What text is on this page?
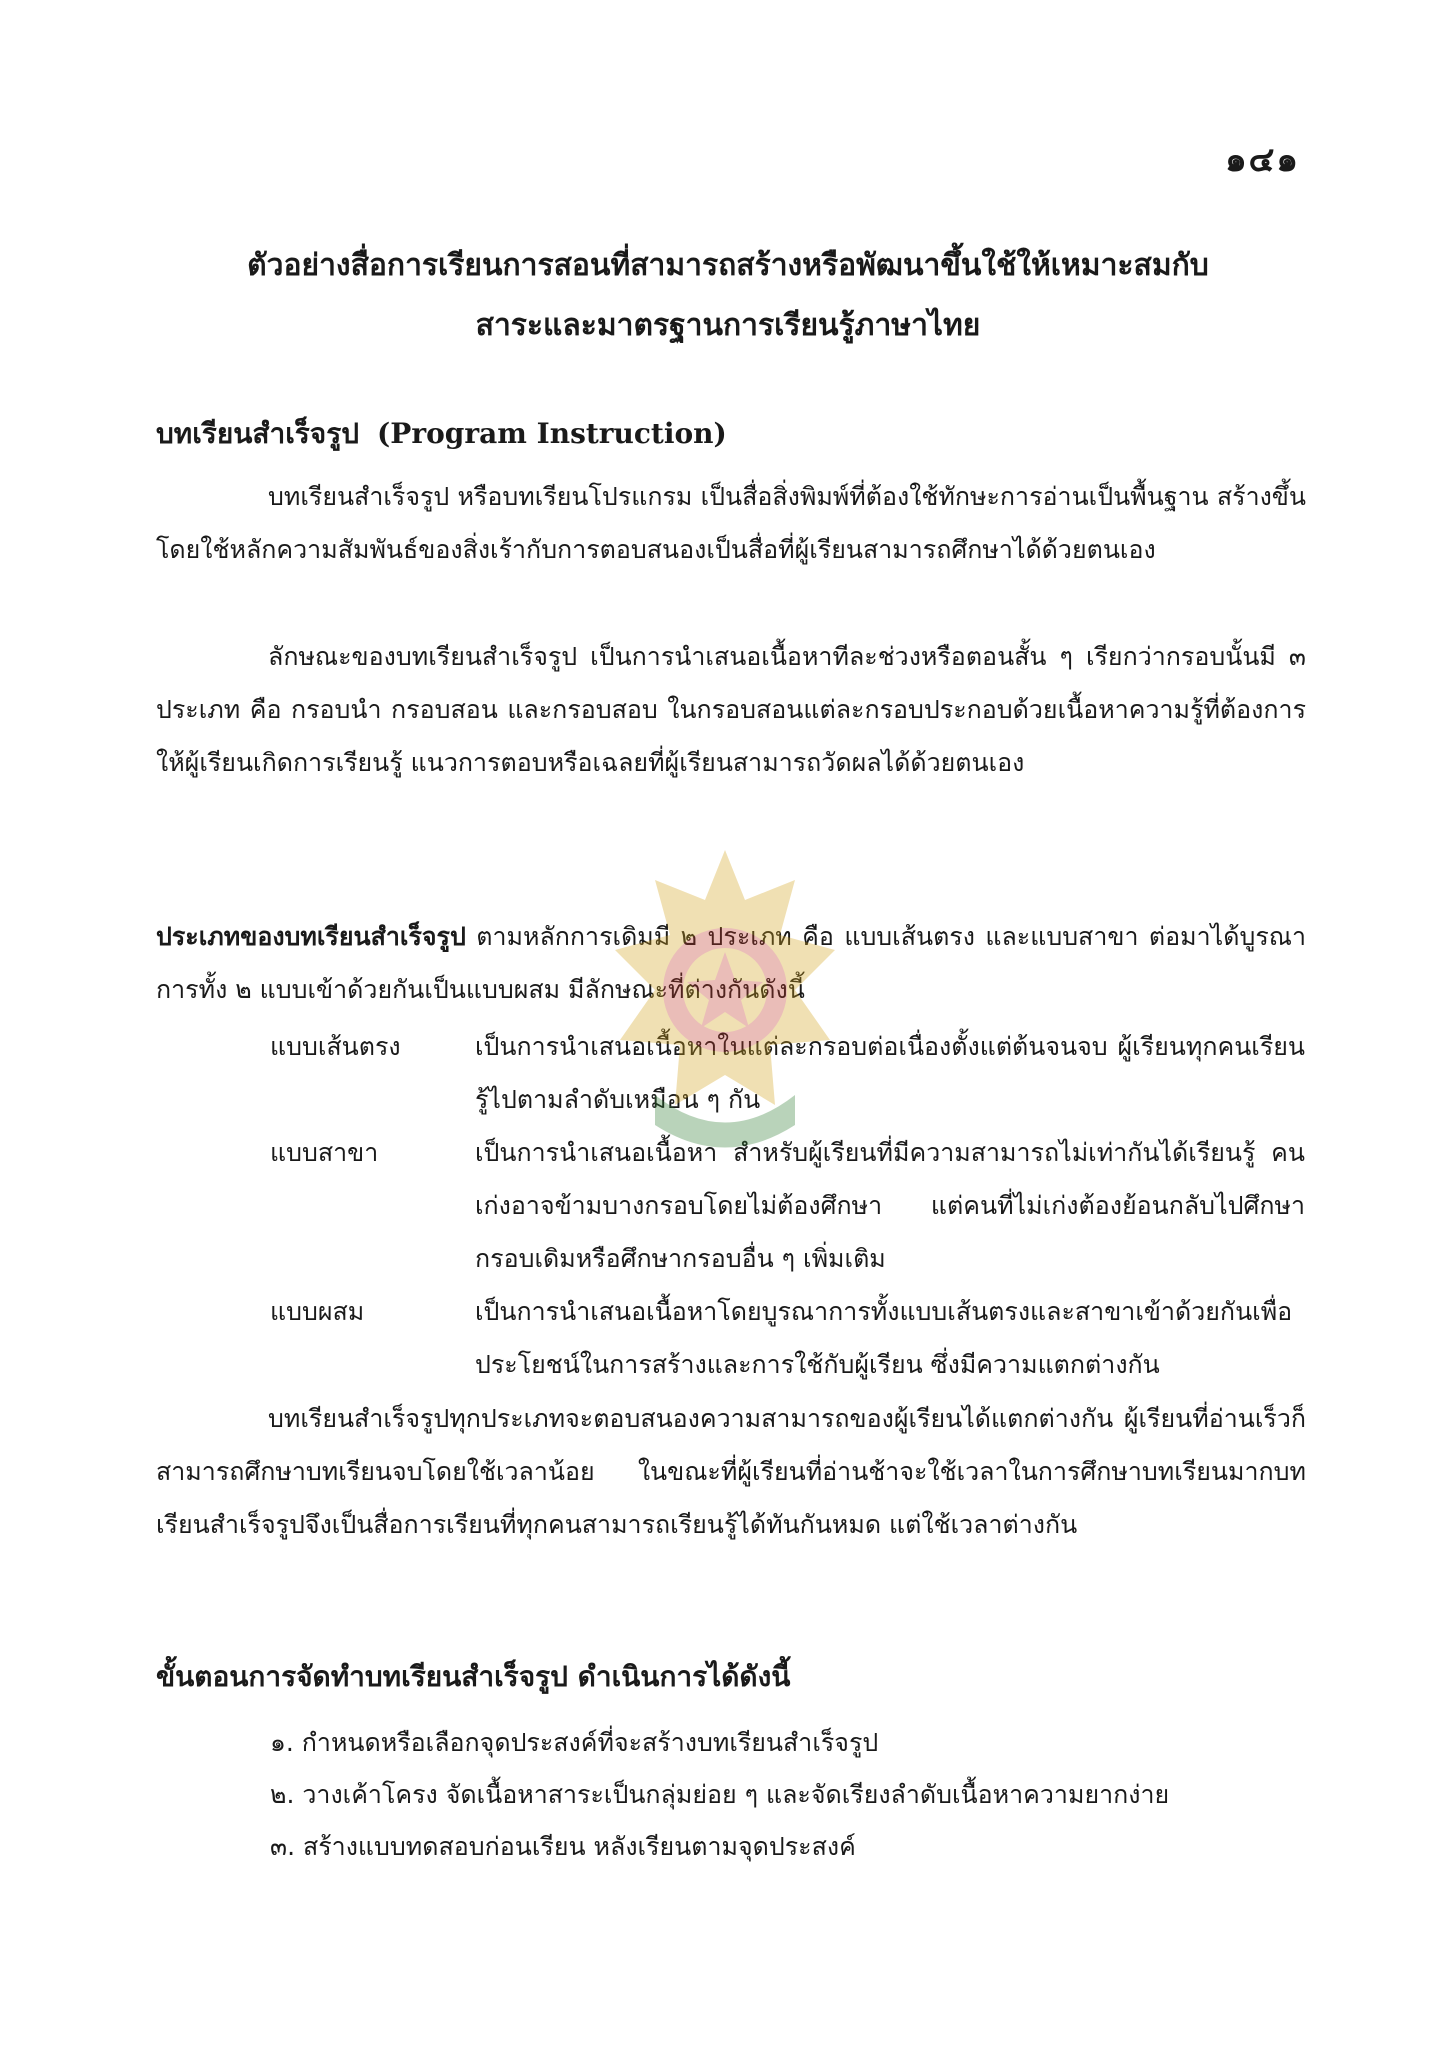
๑๔๑
ตัวอย่างสื่อการเรียนการสอนที่สามารถสร้างหรือพัฒนาขึ้นใช้ให้เหมาะสมกับ
สาระและมาตรฐานการเรียนรู้ภาษาไทย
บทเรียนสำเร็จรูป (Program Instruction)
บทเรียนสำเร็จรูป หรือบทเรียนโปรแกรม เป็นสื่อสิ่งพิมพ์ที่ต้องใช้ทักษะการอ่านเป็นพื้นฐาน สร้างขึ้นโดยใช้หลักความสัมพันธ์ของสิ่งเร้ากับการตอบสนองเป็นสื่อที่ผู้เรียนสามารถศึกษาได้ด้วยตนเอง
ลักษณะของบทเรียนสำเร็จรูป เป็นการนำเสนอเนื้อหาทีละช่วงหรือตอนสั้น ๆ เรียกว่ากรอบนั้นมี ๓ ประเภท คือ กรอบนำ กรอบสอน และกรอบสอบ ในกรอบสอนแต่ละกรอบประกอบด้วยเนื้อหาความรู้ที่ต้องการให้ผู้เรียนเกิดการเรียนรู้ แนวการตอบหรือเฉลยที่ผู้เรียนสามารถวัดผลได้ด้วยตนเอง
ประเภทของบทเรียนสำเร็จรูป ตามหลักการเดิมมี ๒ ประเภท คือ แบบเส้นตรง และแบบสาขา ต่อมาได้บูรณาการทั้ง ๒ แบบเข้าด้วยกันเป็นแบบผสม มีลักษณะที่ต่างกันดังนี้
แบบเส้นตรง	เป็นการนำเสนอเนื้อหาในแต่ละกรอบต่อเนื่องตั้งแต่ต้นจนจบ ผู้เรียนทุกคนเรียนรู้ไปตามลำดับเหมือน ๆ กัน
แบบสาขา	เป็นการนำเสนอเนื้อหา สำหรับผู้เรียนที่มีความสามารถไม่เท่ากันได้เรียนรู้ คนเก่งอาจข้ามบางกรอบโดยไม่ต้องศึกษา แต่คนที่ไม่เก่งต้องย้อนกลับไปศึกษากรอบเดิมหรือศึกษากรอบอื่น ๆ เพิ่มเติม
แบบผสม	เป็นการนำเสนอเนื้อหาโดยบูรณาการทั้งแบบเส้นตรงและสาขาเข้าด้วยกันเพื่อประโยชน์ในการสร้างและการใช้กับผู้เรียน ซึ่งมีความแตกต่างกัน
บทเรียนสำเร็จรูปทุกประเภทจะตอบสนองความสามารถของผู้เรียนได้แตกต่างกัน ผู้เรียนที่อ่านเร็วก็สามารถศึกษาบทเรียนจบโดยใช้เวลาน้อย ในขณะที่ผู้เรียนที่อ่านช้าจะใช้เวลาในการศึกษาบทเรียนมากบทเรียนสำเร็จรูปจึงเป็นสื่อการเรียนที่ทุกคนสามารถเรียนรู้ได้ทันกันหมด แต่ใช้เวลาต่างกัน
ขั้นตอนการจัดทำบทเรียนสำเร็จรูป ดำเนินการได้ดังนี้
๑. กำหนดหรือเลือกจุดประสงค์ที่จะสร้างบทเรียนสำเร็จรูป
๒. วางเค้าโครง จัดเนื้อหาสาระเป็นกลุ่มย่อย ๆ และจัดเรียงลำดับเนื้อหาความยากง่าย
๓. สร้างแบบทดสอบก่อนเรียน หลังเรียนตามจุดประสงค์
